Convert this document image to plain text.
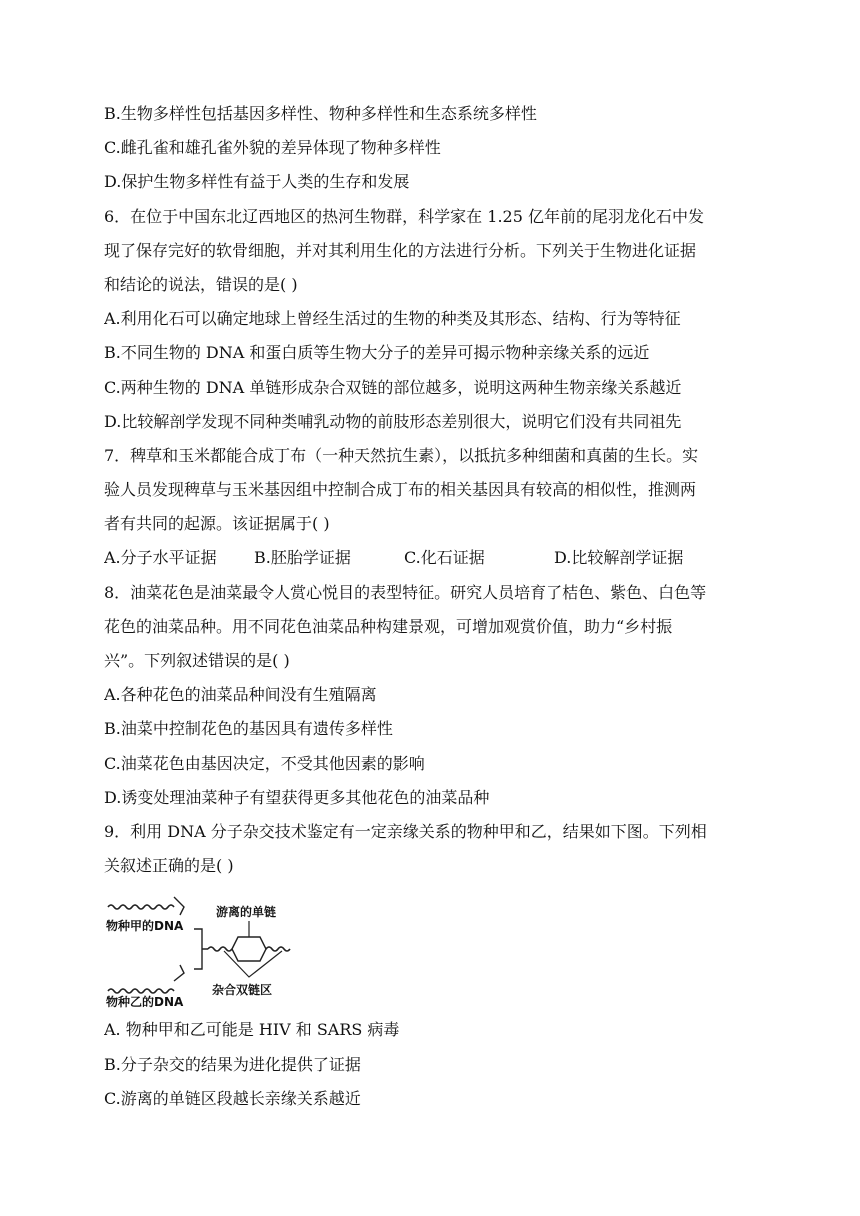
B.生物多样性包括基因多样性、物种多样性和生态系统多样性
C.雌孔雀和雄孔雀外貌的差异体现了物种多样性
D.保护生物多样性有益于人类的生存和发展
6．在位于中国东北辽西地区的热河生物群，科学家在 1.25 亿年前的尾羽龙化石中发
现了保存完好的软骨细胞，并对其利用生化的方法进行分析。下列关于生物进化证据
和结论的说法，错误的是( )
A.利用化石可以确定地球上曾经生活过的生物的种类及其形态、结构、行为等特征
B.不同生物的 DNA 和蛋白质等生物大分子的差异可揭示物种亲缘关系的远近
C.两种生物的 DNA 单链形成杂合双链的部位越多，说明这两种生物亲缘关系越近
D.比较解剖学发现不同种类哺乳动物的前肢形态差别很大，说明它们没有共同祖先
7．稗草和玉米都能合成丁布（一种天然抗生素），以抵抗多种细菌和真菌的生长。实
验人员发现稗草与玉米基因组中控制合成丁布的相关基因具有较高的相似性，推测两
者有共同的起源。该证据属于( )
A.分子水平证据	B.胚胎学证据	C.化石证据	D.比较解剖学证据
8．油菜花色是油菜最令人赏心悦目的表型特征。研究人员培育了桔色、紫色、白色等
花色的油菜品种。用不同花色油菜品种构建景观，可增加观赏价值，助力“乡村振
兴”。下列叙述错误的是( )
A.各种花色的油菜品种间没有生殖隔离
B.油菜中控制花色的基因具有遗传多样性
C.油菜花色由基因决定，不受其他因素的影响
D.诱变处理油菜种子有望获得更多其他花色的油菜品种
9．利用 DNA 分子杂交技术鉴定有一定亲缘关系的物种甲和乙，结果如下图。下列相
关叙述正确的是( )
物种甲的DNA
物种乙的DNA
游离的单链
杂合双链区
A. 物种甲和乙可能是 HIV 和 SARS 病毒
B.分子杂交的结果为进化提供了证据
C.游离的单链区段越长亲缘关系越近
